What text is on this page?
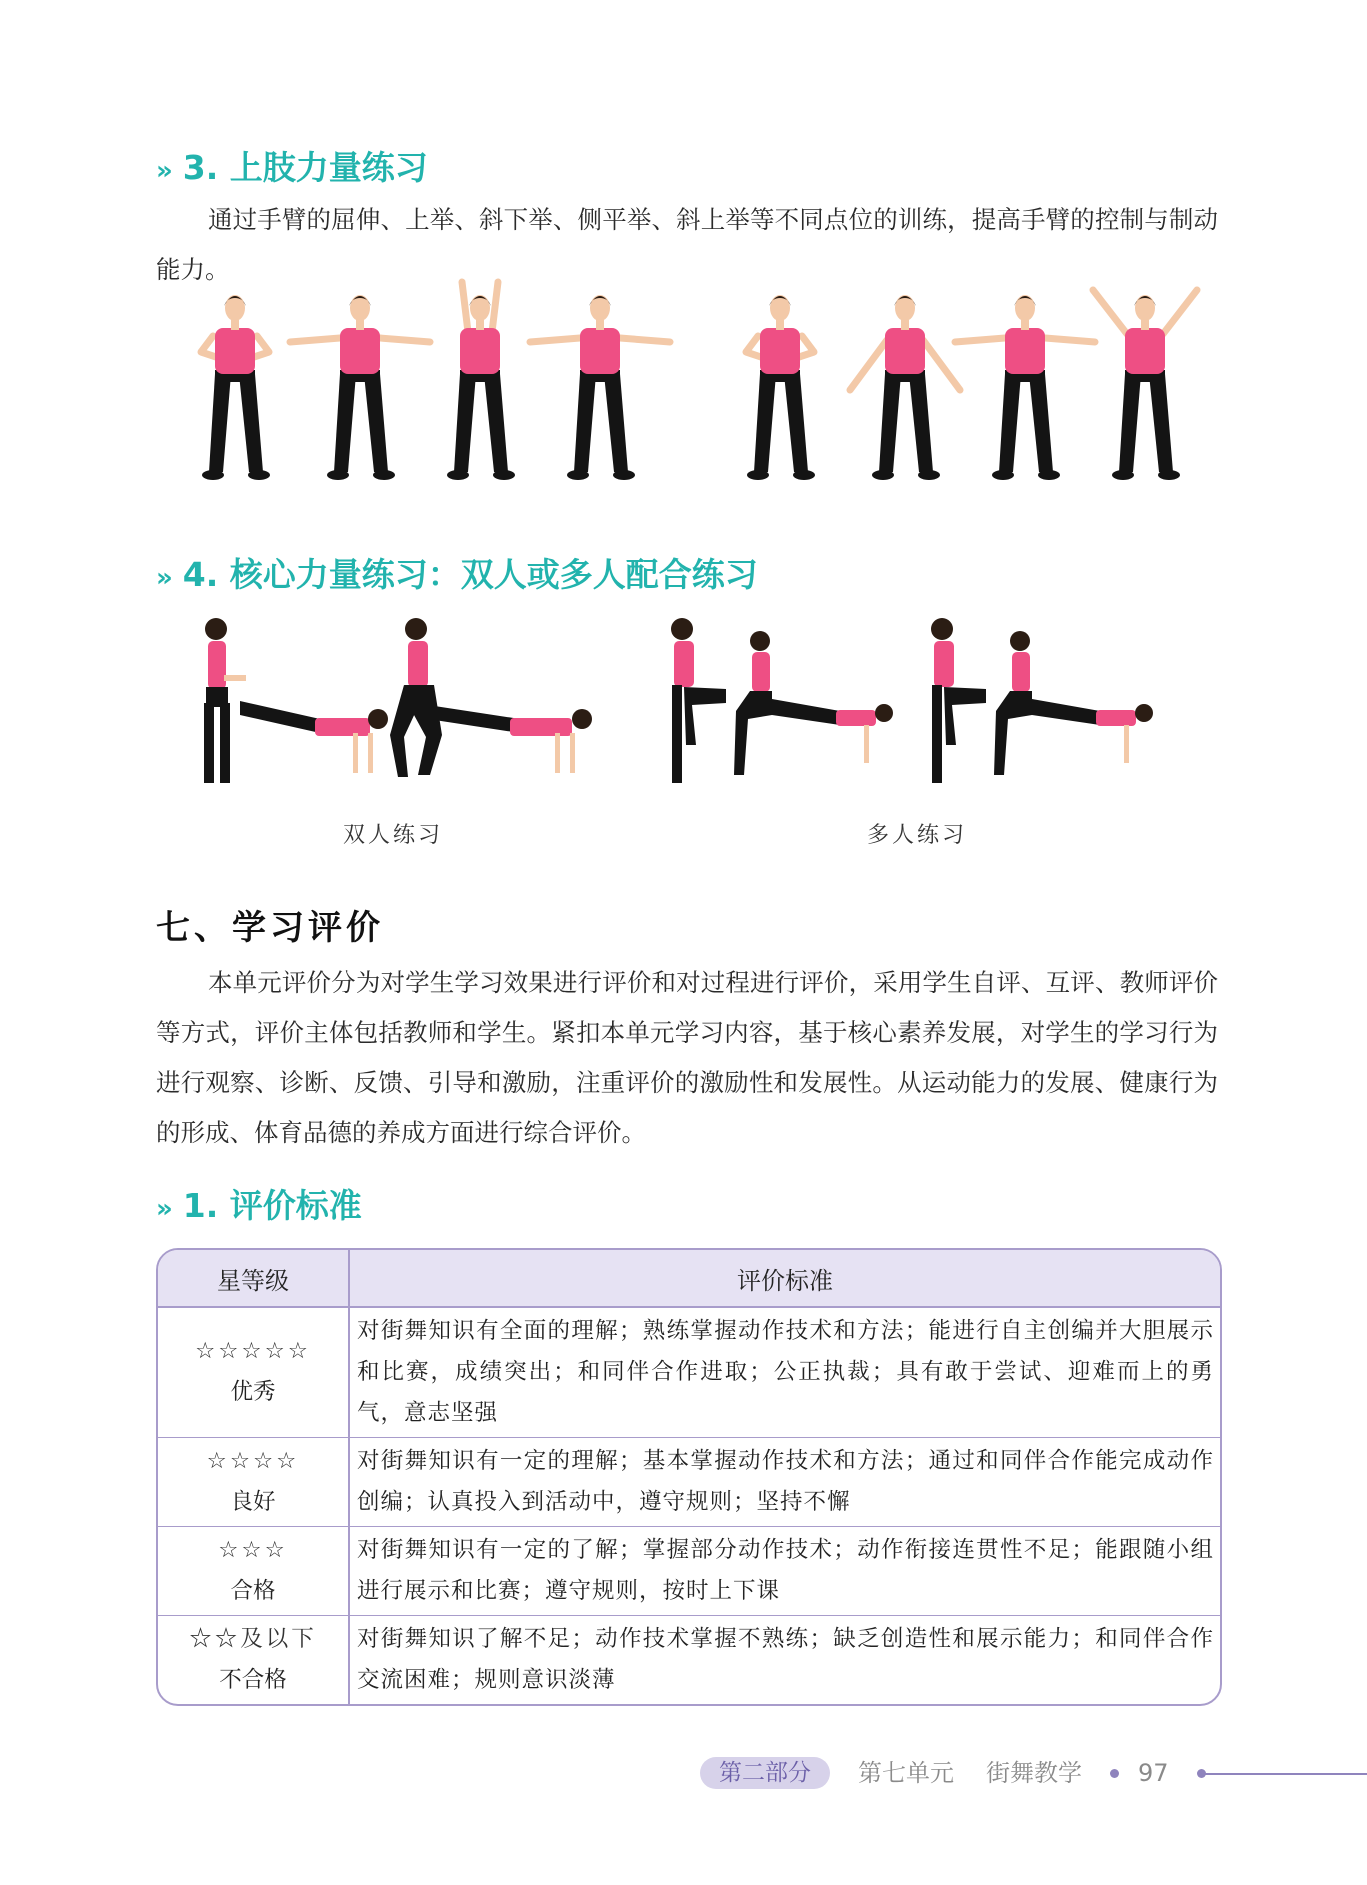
» 3. 上肢力量练习

通过手臂的屈伸、上举、斜下举、侧平举、斜上举等不同点位的训练，提高手臂的控制与制动能力。

» 4. 核心力量练习：双人或多人配合练习
双人练习	多人练习
七、学习评价

本单元评价分为对学生学习效果进行评价和对过程进行评价，采用学生自评、互评、教师评价等方式，评价主体包括教师和学生。紧扣本单元学习内容，基于核心素养发展，对学生的学习行为进行观察、诊断、反馈、引导和激励，注重评价的激励性和发展性。从运动能力的发展、健康行为的形成、体育品德的养成方面进行综合评价。

» 1. 评价标准
星等级	评价标准

☆☆☆☆☆
优秀	对街舞知识有全面的理解；熟练掌握动作技术和方法；能进行自主创编并大胆展示和比赛，成绩突出；和同伴合作进取；公正执裁；具有敢于尝试、迎难而上的勇气，意志坚强

☆☆☆☆
良好	对街舞知识有一定的理解；基本掌握动作技术和方法；通过和同伴合作能完成动作创编；认真投入到活动中，遵守规则；坚持不懈

☆☆☆
合格	对街舞知识有一定的了解；掌握部分动作技术；动作衔接连贯性不足；能跟随小组进行展示和比赛；遵守规则，按时上下课

☆☆及以下
不合格	对街舞知识了解不足；动作技术掌握不熟练；缺乏创造性和展示能力；和同伴合作交流困难；规则意识淡薄
第二部分	第七单元 街舞教学 97
